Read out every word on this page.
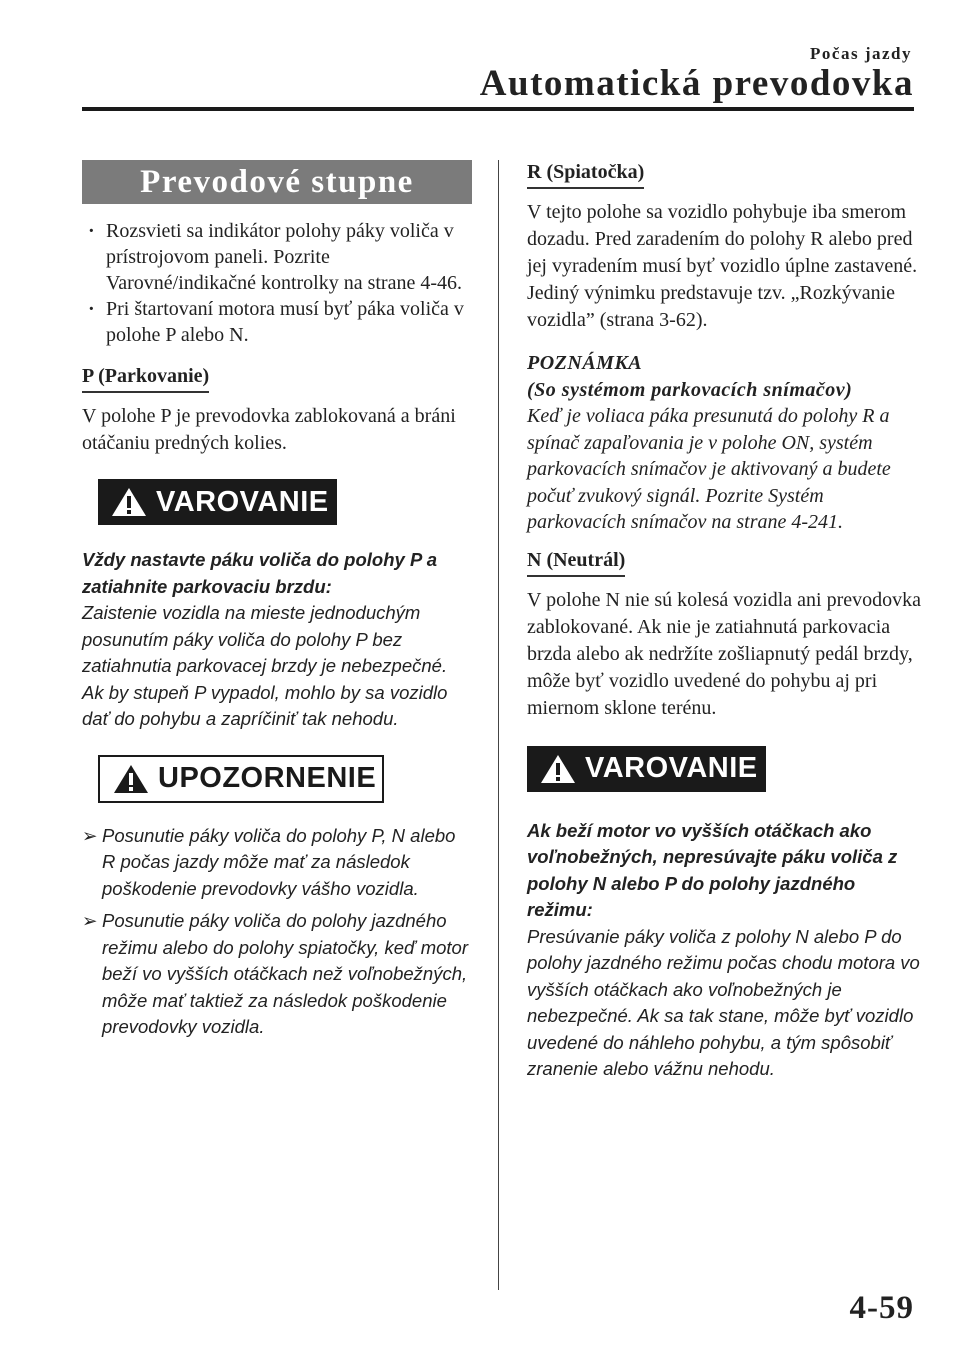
Počas jazdy
Automatická prevodovka
Prevodové stupne
· Rozsvieti sa indikátor polohy páky voliča v prístrojovom paneli. Pozrite Varovné/indikačné kontrolky na strane 4-46.
· Pri štartovaní motora musí byť páka voliča v polohe P alebo N.
P (Parkovanie)
V polohe P je prevodovka zablokovaná a bráni otáčaniu predných kolies.
VAROVANIE
Vždy nastavte páku voliča do polohy P a zatiahnite parkovaciu brzdu:
Zaistenie vozidla na mieste jednoduchým posunutím páky voliča do polohy P bez zatiahnutia parkovacej brzdy je nebezpečné. Ak by stupeň P vypadol, mohlo by sa vozidlo dať do pohybu a zapríčiniť tak nehodu.
UPOZORNENIE
➢ Posunutie páky voliča do polohy P, N alebo R počas jazdy môže mať za následok poškodenie prevodovky vášho vozidla.
➢ Posunutie páky voliča do polohy jazdného režimu alebo do polohy spiatočky, keď motor beží vo vyšších otáčkach než voľnobežných, môže mať taktiež za následok poškodenie prevodovky vozidla.
R (Spiatočka)
V tejto polohe sa vozidlo pohybuje iba smerom dozadu. Pred zaradením do polohy R alebo pred jej vyradením musí byť vozidlo úplne zastavené. Jediný výnimku predstavuje tzv. „Rozkývanie vozidla” (strana 3-62).
POZNÁMKA
(So systémom parkovacích snímačov)
Keď je voliaca páka presunutá do polohy R a spínač zapaľovania je v polohe ON, systém parkovacích snímačov je aktivovaný a budete počuť zvukový signál. Pozrite Systém parkovacích snímačov na strane 4-241.
N (Neutrál)
V polohe N nie sú kolesá vozidla ani prevodovka zablokované. Ak nie je zatiahnutá parkovacia brzda alebo ak nedržíte zošliapnutý pedál brzdy, môže byť vozidlo uvedené do pohybu aj pri miernom sklone terénu.
VAROVANIE
Ak beží motor vo vyšších otáčkach ako voľnobežných, nepresúvajte páku voliča z polohy N alebo P do polohy jazdného režimu:
Presúvanie páky voliča z polohy N alebo P do polohy jazdného režimu počas chodu motora vo vyšších otáčkach ako voľnobežných je nebezpečné. Ak sa tak stane, môže byť vozidlo uvedené do náhleho pohybu, a tým spôsobiť zranenie alebo vážnu nehodu.
4-59
